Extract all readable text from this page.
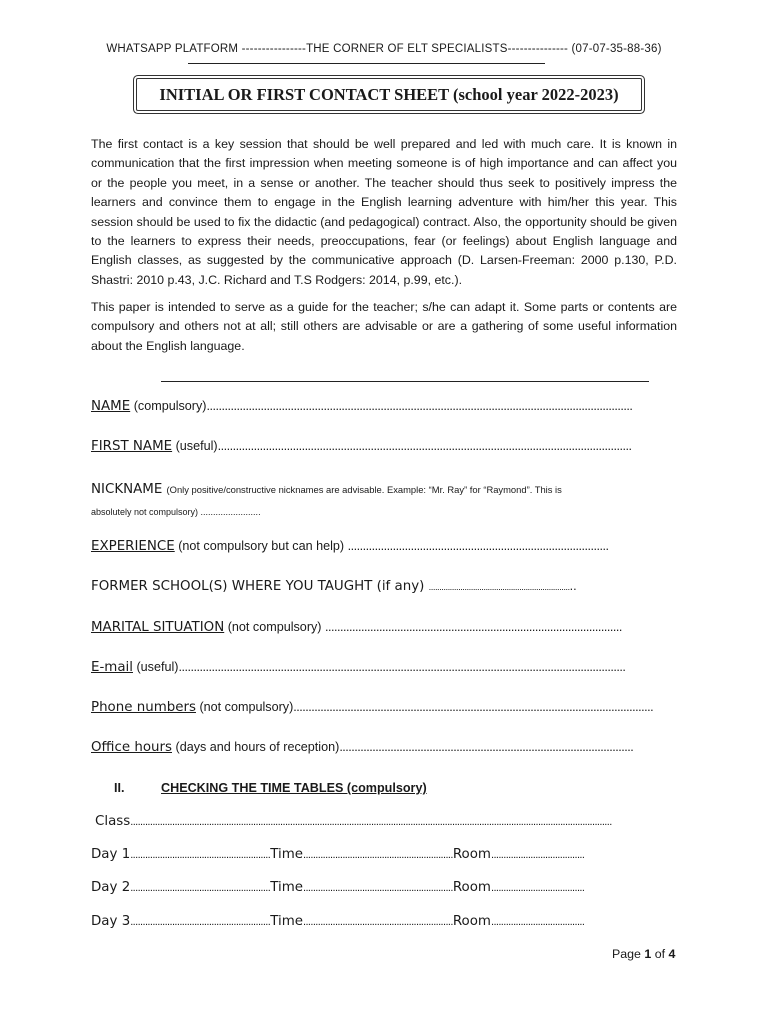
WHATSAPP PLATFORM ----------------THE CORNER OF ELT SPECIALISTS--------------- (07-07-35-88-36)
INITIAL OR FIRST CONTACT SHEET (school year 2022-2023)
The first contact is a key session that should be well prepared and led with much care. It is known in communication that the first impression when meeting someone is of high importance and can affect you or the people you meet, in a sense or another. The teacher should thus seek to positively impress the learners and convince them to engage in the English learning adventure with him/her this year. This session should be used to fix the didactic (and pedagogical) contract. Also, the opportunity should be given to the learners to express their needs, preoccupations, fear (or feelings) about English language and English classes, as suggested by the communicative approach (D. Larsen-Freeman: 2000 p.130, P.D. Shastri: 2010 p.43, J.C. Richard and T.S Rodgers: 2014, p.99, etc.).
This paper is intended to serve as a guide for the teacher; s/he can adapt it. Some parts or contents are compulsory and others not at all; still others are advisable or are a gathering of some useful information about the English language.
NAME (compulsory)..............................................................................................................................................
FIRST NAME (useful)..........................................................................................................................................
NICKNAME (Only positive/constructive nicknames are advisable. Example: “Mr. Ray” for “Raymond”. This is
absolutely not compulsory) ........................
EXPERIENCE (not compulsory but can help) .......................................................................................
FORMER SCHOOL(S) WHERE YOU TAUGHT (if any) .....................................................................
MARITAL SITUATION (not compulsory) ...................................................................................................
E-mail (useful).....................................................................................................................................................
Phone numbers (not compulsory)........................................................................................................................
Office hours (days and hours of reception)..................................................................................................
II.	CHECKING THE TIME TABLES (compulsory)
Class....................................................................................................................................................................................................
Day 1.........................................................Time.............................................................Room......................................
Day 2.........................................................Time.............................................................Room......................................
Day 3.........................................................Time.............................................................Room......................................
Page 1 of 4
